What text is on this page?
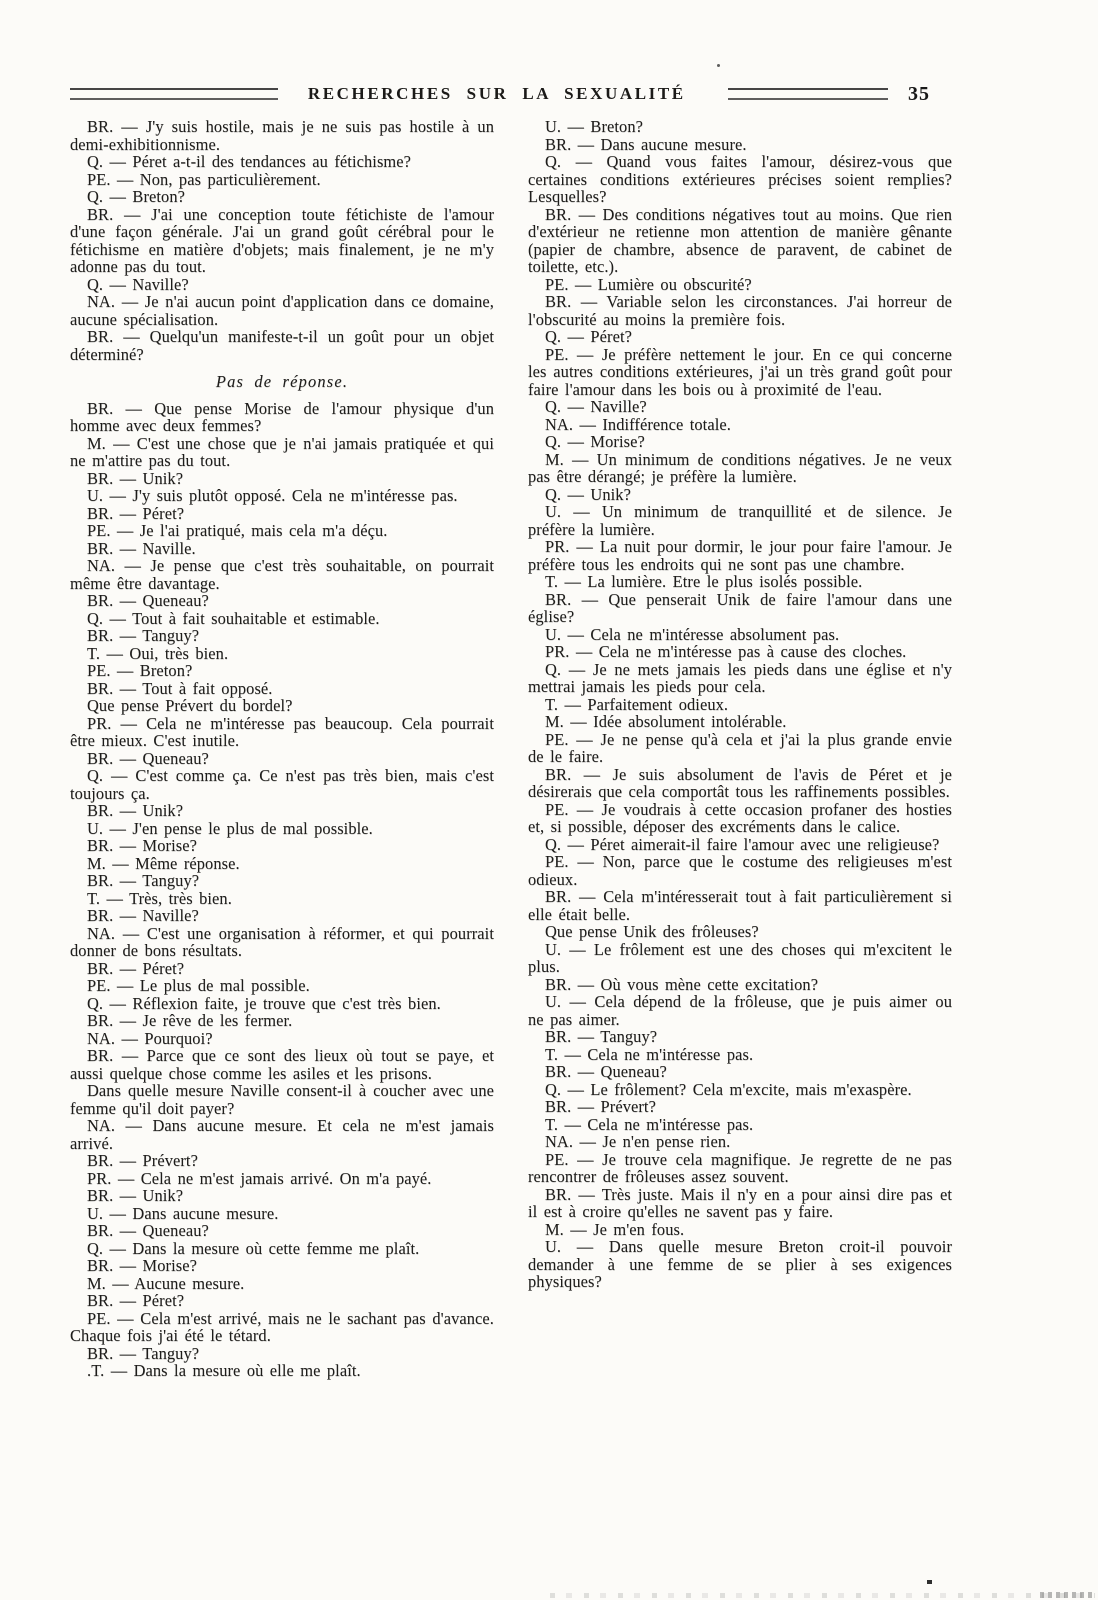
RECHERCHES SUR LA SEXUALITÉ	35

BR. — J'y suis hostile, mais je ne suis pas hostile à un demi-exhibitionnisme.

Q. — Péret a-t-il des tendances au fétichisme?

PE. — Non, pas particulièrement.

Q. — Breton?

BR. — J'ai une conception toute fétichiste de l'amour d'une façon générale. J'ai un grand goût cérébral pour le fétichisme en matière d'objets; mais finalement, je ne m'y adonne pas du tout.

Q. — Naville?

NA. — Je n'ai aucun point d'application dans ce domaine, aucune spécialisation.

BR. — Quelqu'un manifeste-t-il un goût pour un objet déterminé?

Pas de réponse.

BR. — Que pense Morise de l'amour physique d'un homme avec deux femmes?

M. — C'est une chose que je n'ai jamais pratiquée et qui ne m'attire pas du tout.

BR. — Unik?

U. — J'y suis plutôt opposé. Cela ne m'intéresse pas.

BR. — Péret?

PE. — Je l'ai pratiqué, mais cela m'a déçu.

BR. — Naville.

NA. — Je pense que c'est très souhaitable, on pourrait même être davantage.

BR. — Queneau?

Q. — Tout à fait souhaitable et estimable.

BR. — Tanguy?

T. — Oui, très bien.

PE. — Breton?

BR. — Tout à fait opposé.

Que pense Prévert du bordel?

PR. — Cela ne m'intéresse pas beaucoup. Cela pourrait être mieux. C'est inutile.

BR. — Queneau?

Q. — C'est comme ça. Ce n'est pas très bien, mais c'est toujours ça.

BR. — Unik?

U. — J'en pense le plus de mal possible.

BR. — Morise?

M. — Même réponse.

BR. — Tanguy?

T. — Très, très bien.

BR. — Naville?

NA. — C'est une organisation à réformer, et qui pourrait donner de bons résultats.

BR. — Péret?

PE. — Le plus de mal possible.

Q. — Réflexion faite, je trouve que c'est très bien.

BR. — Je rêve de les fermer.

NA. — Pourquoi?

BR. — Parce que ce sont des lieux où tout se paye, et aussi quelque chose comme les asiles et les prisons.

Dans quelle mesure Naville consent-il à coucher avec une femme qu'il doit payer?

NA. — Dans aucune mesure. Et cela ne m'est jamais arrivé.

BR. — Prévert?

PR. — Cela ne m'est jamais arrivé. On m'a payé.

BR. — Unik?

U. — Dans aucune mesure.

BR. — Queneau?

Q. — Dans la mesure où cette femme me plaît.

BR. — Morise?

M. — Aucune mesure.

BR. — Péret?

PE. — Cela m'est arrivé, mais ne le sachant pas d'avance. Chaque fois j'ai été le tétard.

BR. — Tanguy?

.T. — Dans la mesure où elle me plaît.

U. — Breton?

BR. — Dans aucune mesure.

Q. — Quand vous faites l'amour, désirez-vous que certaines conditions extérieures précises soient remplies? Lesquelles?

BR. — Des conditions négatives tout au moins. Que rien d'extérieur ne retienne mon attention de manière gênante (papier de chambre, absence de paravent, de cabinet de toilette, etc.).

PE. — Lumière ou obscurité?

BR. — Variable selon les circonstances. J'ai horreur de l'obscurité au moins la première fois.

Q. — Péret?

PE. — Je préfère nettement le jour. En ce qui concerne les autres conditions extérieures, j'ai un très grand goût pour faire l'amour dans les bois ou à proximité de l'eau.

Q. — Naville?

NA. — Indifférence totale.

Q. — Morise?

M. — Un minimum de conditions négatives. Je ne veux pas être dérangé; je préfère la lumière.

Q. — Unik?

U. — Un minimum de tranquillité et de silence. Je préfère la lumière.

PR. — La nuit pour dormir, le jour pour faire l'amour. Je préfère tous les endroits qui ne sont pas une chambre.

T. — La lumière. Etre le plus isolés possible.

BR. — Que penserait Unik de faire l'amour dans une église?

U. — Cela ne m'intéresse absolument pas.

PR. — Cela ne m'intéresse pas à cause des cloches.

Q. — Je ne mets jamais les pieds dans une église et n'y mettrai jamais les pieds pour cela.

T. — Parfaitement odieux.

M. — Idée absolument intolérable.

PE. — Je ne pense qu'à cela et j'ai la plus grande envie de le faire.

BR. — Je suis absolument de l'avis de Péret et je désirerais que cela comportât tous les raffinements possibles.

PE. — Je voudrais à cette occasion profaner des hosties et, si possible, déposer des excréments dans le calice.

Q. — Péret aimerait-il faire l'amour avec une religieuse?

PE. — Non, parce que le costume des religieuses m'est odieux.

BR. — Cela m'intéresserait tout à fait particulièrement si elle était belle.

Que pense Unik des frôleuses?

U. — Le frôlement est une des choses qui m'excitent le plus.

BR. — Où vous mène cette excitation?

U. — Cela dépend de la frôleuse, que je puis aimer ou ne pas aimer.

BR. — Tanguy?

T. — Cela ne m'intéresse pas.

BR. — Queneau?

Q. — Le frôlement? Cela m'excite, mais m'exaspère.

BR. — Prévert?

T. — Cela ne m'intéresse pas.

NA. — Je n'en pense rien.

PE. — Je trouve cela magnifique. Je regrette de ne pas rencontrer de frôleuses assez souvent.

BR. — Très juste. Mais il n'y en a pour ainsi dire pas et il est à croire qu'elles ne savent pas y faire.

M. — Je m'en fous.

U. — Dans quelle mesure Breton croit-il pouvoir demander à une femme de se plier à ses exigences physiques?
